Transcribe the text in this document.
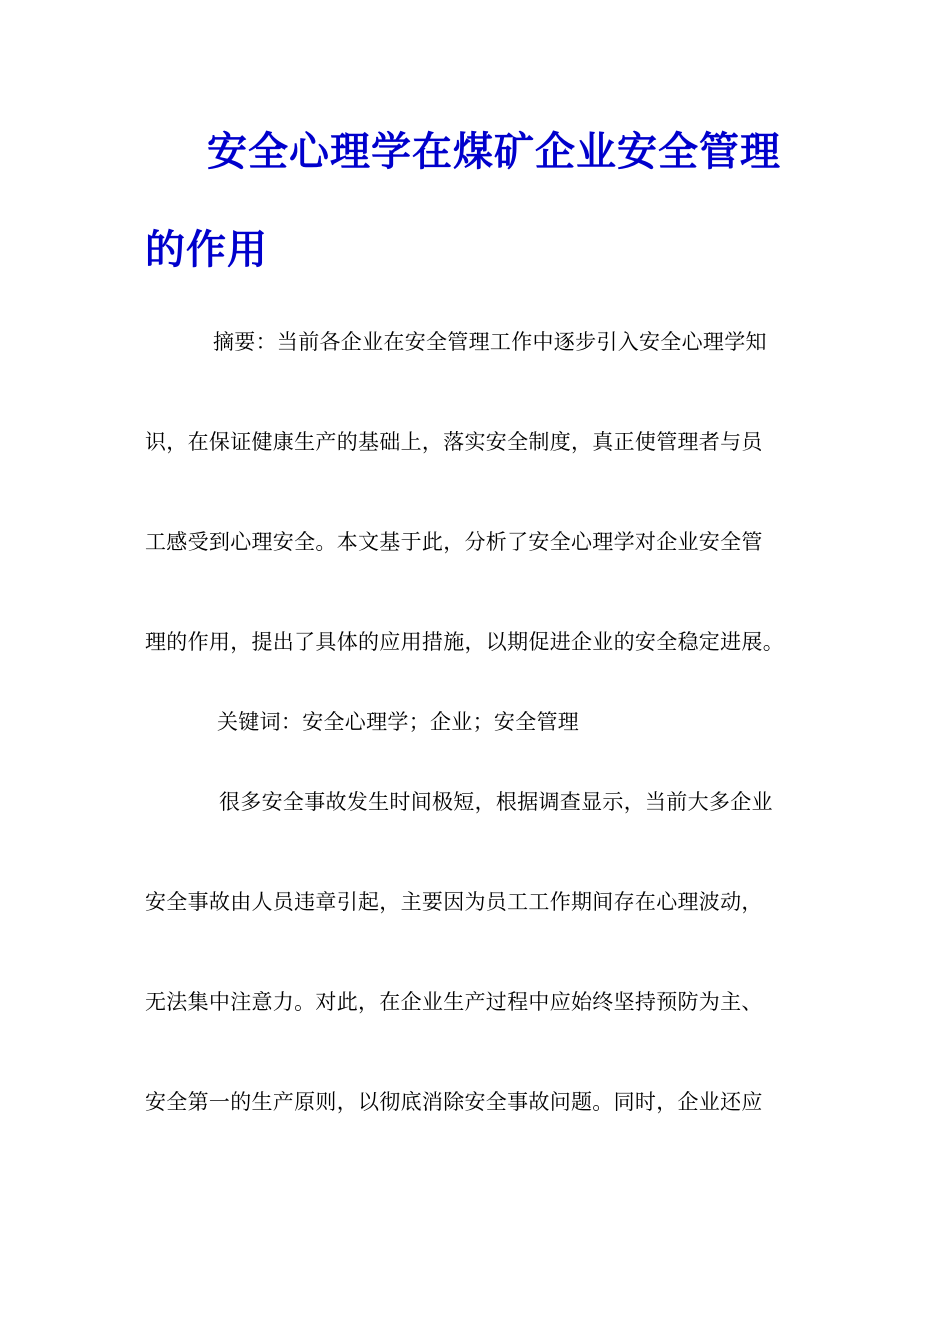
安全心理学在煤矿企业安全管理
的作用
摘要：当前各企业在安全管理工作中逐步引入安全心理学知
识，在保证健康生产的基础上，落实安全制度，真正使管理者与员
工感受到心理安全。本文基于此，分析了安全心理学对企业安全管
理的作用，提出了具体的应用措施，以期促进企业的安全稳定进展。
关键词：安全心理学；企业；安全管理
很多安全事故发生时间极短，根据调查显示，当前大多企业
安全事故由人员违章引起，主要因为员工工作期间存在心理波动，
无法集中注意力。对此，在企业生产过程中应始终坚持预防为主、
安全第一的生产原则，以彻底消除安全事故问题。同时，企业还应
